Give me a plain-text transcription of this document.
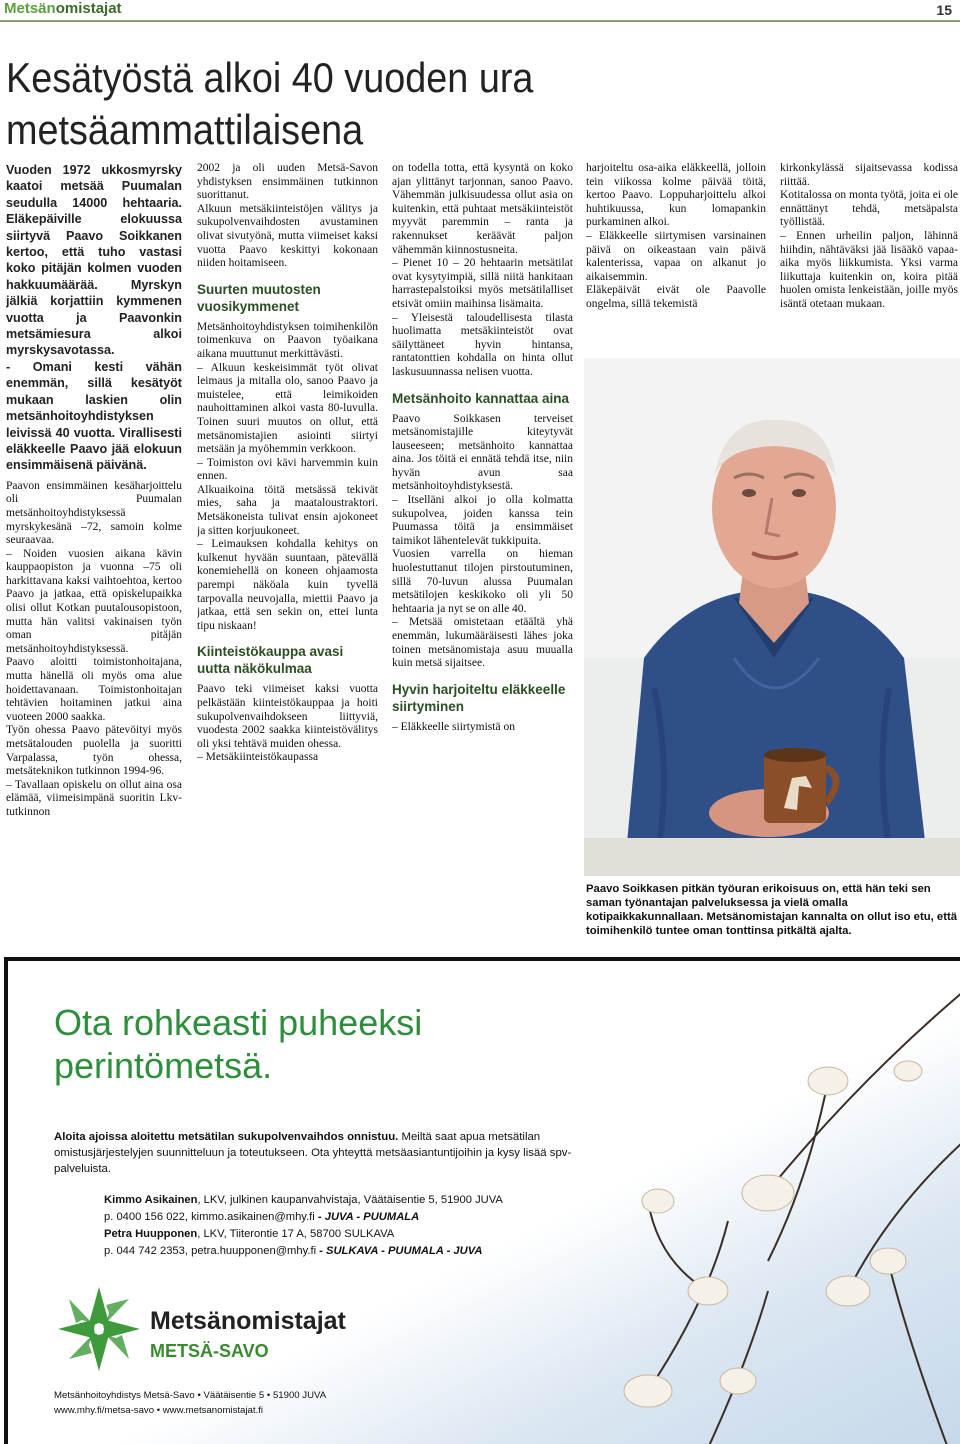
Metsänomistajat	15
Kesätyöstä alkoi 40 vuoden ura metsäammattilaisena

Vuoden 1972 ukkosmyrsky kaatoi metsää Puumalan seudulla 14000 hehtaaria. Eläkepäiville elokuussa siirtyvä Paavo Soikkanen kertoo, että tuho vastasi koko pitäjän kolmen vuoden hakkuumäärää. Myrskyn jälkiä korjattiin kymmenen vuotta ja Paavonkin metsämiesura alkoi myrskysavotassa.

- Omani kesti vähän enemmän, sillä kesätyöt mukaan laskien olin metsänhoitoyhdistyksen leivissä 40 vuotta. Virallisesti eläkkeelle Paavo jää elokuun ensimmäisenä päivänä.

Paavon ensimmäinen kesäharjoittelu oli Puumalan metsänhoitoyhdistyksessä myrskykesänä –72, samoin kolme seuraavaa.

– Noiden vuosien aikana kävin kauppaopiston ja vuonna –75 oli harkittavana kaksi vaihtoehtoa, kertoo Paavo ja jatkaa, että opiskelupaikka olisi ollut Kotkan puutalousopistoon, mutta hän valitsi vakinaisen työn oman pitäjän metsänhoitoyhdistyksessä.

Paavo aloitti toimistonhoitajana, mutta hänellä oli myös oma alue hoidettavanaan. Toimistonhoitajan tehtävien hoitaminen jatkui aina vuoteen 2000 saakka.

Työn ohessa Paavo pätevöityi myös metsätalouden puolella ja suoritti Varpalassa, työn ohessa, metsäteknikon tutkinnon 1994-96.

– Tavallaan opiskelu on ollut aina osa elämää, viimeisimpänä suoritin Lkv-tutkinnon

2002 ja oli uuden Metsä-Savon yhdistyksen ensimmäinen tutkinnon suorittanut.

Alkuun metsäkiinteistöjen välitys ja sukupolvenvaihdosten avustaminen olivat sivutyönä, mutta viimeiset kaksi vuotta Paavo keskittyi kokonaan niiden hoitamiseen.

Suurten muutosten vuosikymmenet

Metsänhoitoyhdistyksen toimihenkilön toimenkuva on Paavon työaikana aikana muuttunut merkittävästi.

– Alkuun keskeisimmät työt olivat leimaus ja mitalla olo, sanoo Paavo ja muistelee, että leimikoiden nauhoittaminen alkoi vasta 80-luvulla. Toinen suuri muutos on ollut, että metsänomistajien asiointi siirtyi metsään ja myöhemmin verkkoon.

– Toimiston ovi kävi harvemmin kuin ennen.

Alkuaikoina töitä metsässä tekivät mies, saha ja maataloustraktori. Metsäkoneista tulivat ensin ajokoneet ja sitten korjuukoneet.

– Leimauksen kohdalla kehitys on kulkenut hyvään suuntaan, pätevällä konemiehellä on koneen ohjaamosta parempi näköala kuin tyvellä tarpovalla neuvojalla, miettii Paavo ja jatkaa, että sen sekin on, ettei lunta tipu niskaan!

Kiinteistökauppa avasi uutta näkökulmaa

Paavo teki viimeiset kaksi vuotta pelkästään kiinteistökauppaa ja hoiti sukupolvenvaihdokseen liittyviä, vuodesta 2002 saakka kiinteistövälitys oli yksi tehtävä muiden ohessa.

– Metsäkiinteistökaupassa

on todella totta, että kysyntä on koko ajan ylittänyt tarjonnan, sanoo Paavo. Vähemmän julkisuudessa ollut asia on kuitenkin, että puhtaat metsäkiinteistöt myyvät paremmin – ranta ja rakennukset keräävät paljon vähemmän kiinnostusneita.

– Pienet 10 – 20 hehtaarin metsätilat ovat kysytyimpiä, sillä niitä hankitaan harrastepalstoiksi myös metsätilalliset etsivät omiin maihinsa lisämaita.

– Yleisestä taloudellisesta tilasta huolimatta metsäkiinteistöt ovat säilyttäneet hyvin hintansa, rantatonttien kohdalla on hinta ollut laskusuunnassa nelisen vuotta.

Metsänhoito kannattaa aina

Paavo Soikkasen terveiset metsänomistajille kiteytyvät lauseeseen; metsänhoito kannattaa aina. Jos töitä ei ennätä tehdä itse, niin hyvän avun saa metsänhoitoyhdistyksestä.

– Itselläni alkoi jo olla kolmatta sukupolvea, joiden kanssa tein Puumassa töitä ja ensimmäiset taimikot lähentelevät tukkipuita.

Vuosien varrella on hieman huolestuttanut tilojen pirstoutuminen, sillä 70-luvun alussa Puumalan metsätilojen keskikoko oli yli 50 hehtaaria ja nyt se on alle 40.

– Metsää omistetaan etäältä yhä enemmän, lukumääräisesti lähes joka toinen metsänomistaja asuu muualla kuin metsä sijaitsee.

Hyvin harjoiteltu eläkkeelle siirtyminen

– Eläkkeelle siirtymistä on

harjoiteltu osa-aika eläkkeellä, jolloin tein viikossa kolme päivää töitä, kertoo Paavo. Loppuharjoittelu alkoi huhtikuussa, kun lomapankin purkaminen alkoi.

– Eläkkeelle siirtymisen varsinainen päivä on oikeastaan vain päivä kalenterissa, vapaa on alkanut jo aikaisemmin.

Eläkepäivät eivät ole Paavolle ongelma, sillä tekemistä

kirkonkylässä sijaitsevassa kodissa riittää.

Kotitalossa on monta työtä, joita ei ole ennättänyt tehdä, metsäpalsta työllistää.

– Ennen urheilin paljon, lähinnä hiihdin, nähtäväksi jää lisääkö vapaa-aika myös liikkumista. Yksi varma liikuttaja kuitenkin on, koira pitää huolen omista lenkeistään, joille myös isäntä otetaan mukaan.

Paavo Soikkasen pitkän työuran erikoisuus on, että hän teki sen saman työnantajan palveluksessa ja vielä omalla kotipaikkakunnallaan. Metsänomistajan kannalta on ollut iso etu, että toimihenkilö tuntee oman tonttinsa pitkältä ajalta.
Ota rohkeasti puheeksi perintömetsä.
Aloita ajoissa aloitettu metsätilan sukupolvenvaihdos onnistuu. Meiltä saat apua metsätilan omistusjärjestelyjen suunnitteluun ja toteutukseen. Ota yhteyttä metsäasiantuntijoihin ja kysy lisää spv-palveluista.
Kimmo Asikainen, LKV, julkinen kaupanvahvistaja, Väätäisentie 5, 51900 JUVA
p. 0400 156 022, kimmo.asikainen@mhy.fi - JUVA - PUUMALA
Petra Huupponen, LKV, Tiiterontie 17 A, 58700 SULKAVA
p. 044 742 2353, petra.huupponen@mhy.fi - SULKAVA - PUUMALA - JUVA
Metsänomistajat
METSÄ-SAVO
Metsänhoitoyhdistys Metsä-Savo • Väätäisentie 5 • 51900 JUVA
www.mhy.fi/metsa-savo • www.metsanomistajat.fi
